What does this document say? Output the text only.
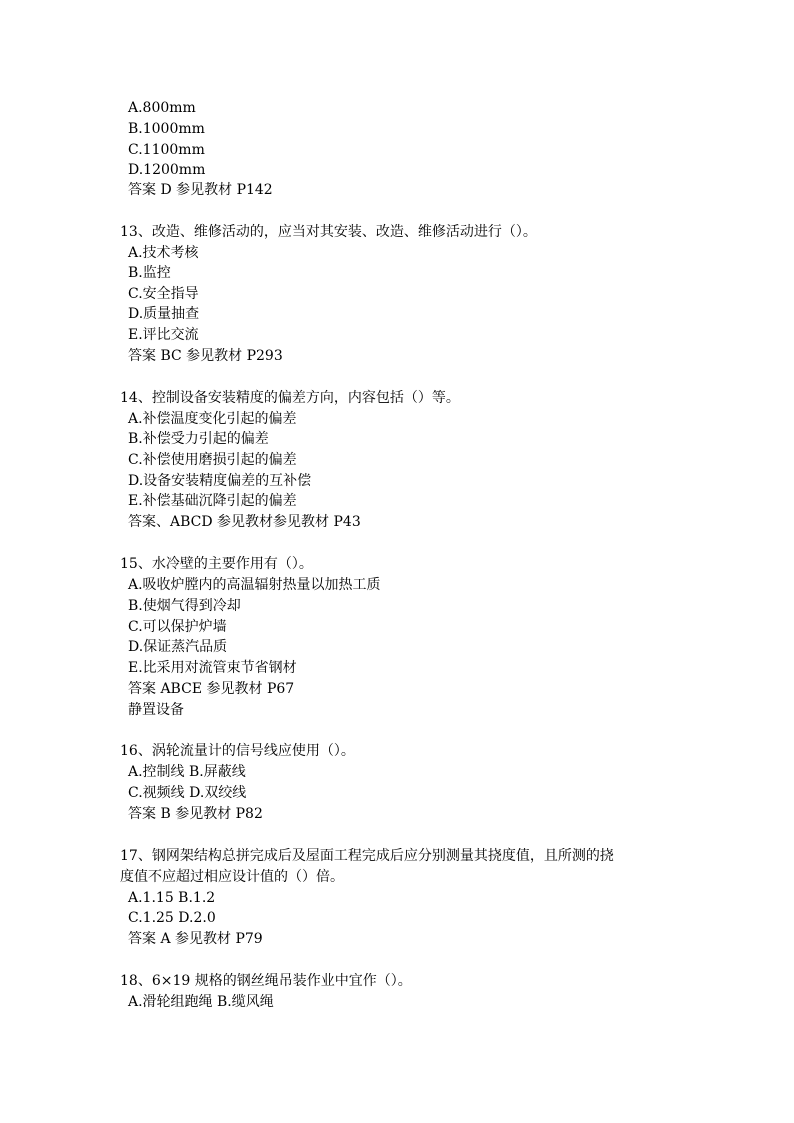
A.800mm
B.1000mm
C.1100mm
D.1200mm
答案 D 参见教材 P142
13、改造、维修活动的，应当对其安装、改造、维修活动进行（）。
A.技术考核
B.监控
C.安全指导
D.质量抽查
E.评比交流
答案 BC 参见教材 P293
14、控制设备安装精度的偏差方向，内容包括（）等。
A.补偿温度变化引起的偏差
B.补偿受力引起的偏差
C.补偿使用磨损引起的偏差
D.设备安装精度偏差的互补偿
E.补偿基础沉降引起的偏差
答案、ABCD 参见教材参见教材 P43
15、水冷壁的主要作用有（）。
A.吸收炉膛内的高温辐射热量以加热工质
B.使烟气得到冷却
C.可以保护炉墙
D.保证蒸汽品质
E.比采用对流管束节省钢材
答案 ABCE 参见教材 P67
静置设备
16、涡轮流量计的信号线应使用（）。
A.控制线 B.屏蔽线
C.视频线 D.双绞线
答案 B 参见教材 P82
17、钢网架结构总拼完成后及屋面工程完成后应分别测量其挠度值，且所测的挠
度值不应超过相应设计值的（）倍。
A.1.15 B.1.2
C.1.25 D.2.0
答案 A 参见教材 P79
18、6×19 规格的钢丝绳吊装作业中宜作（）。
A.滑轮组跑绳 B.缆风绳
